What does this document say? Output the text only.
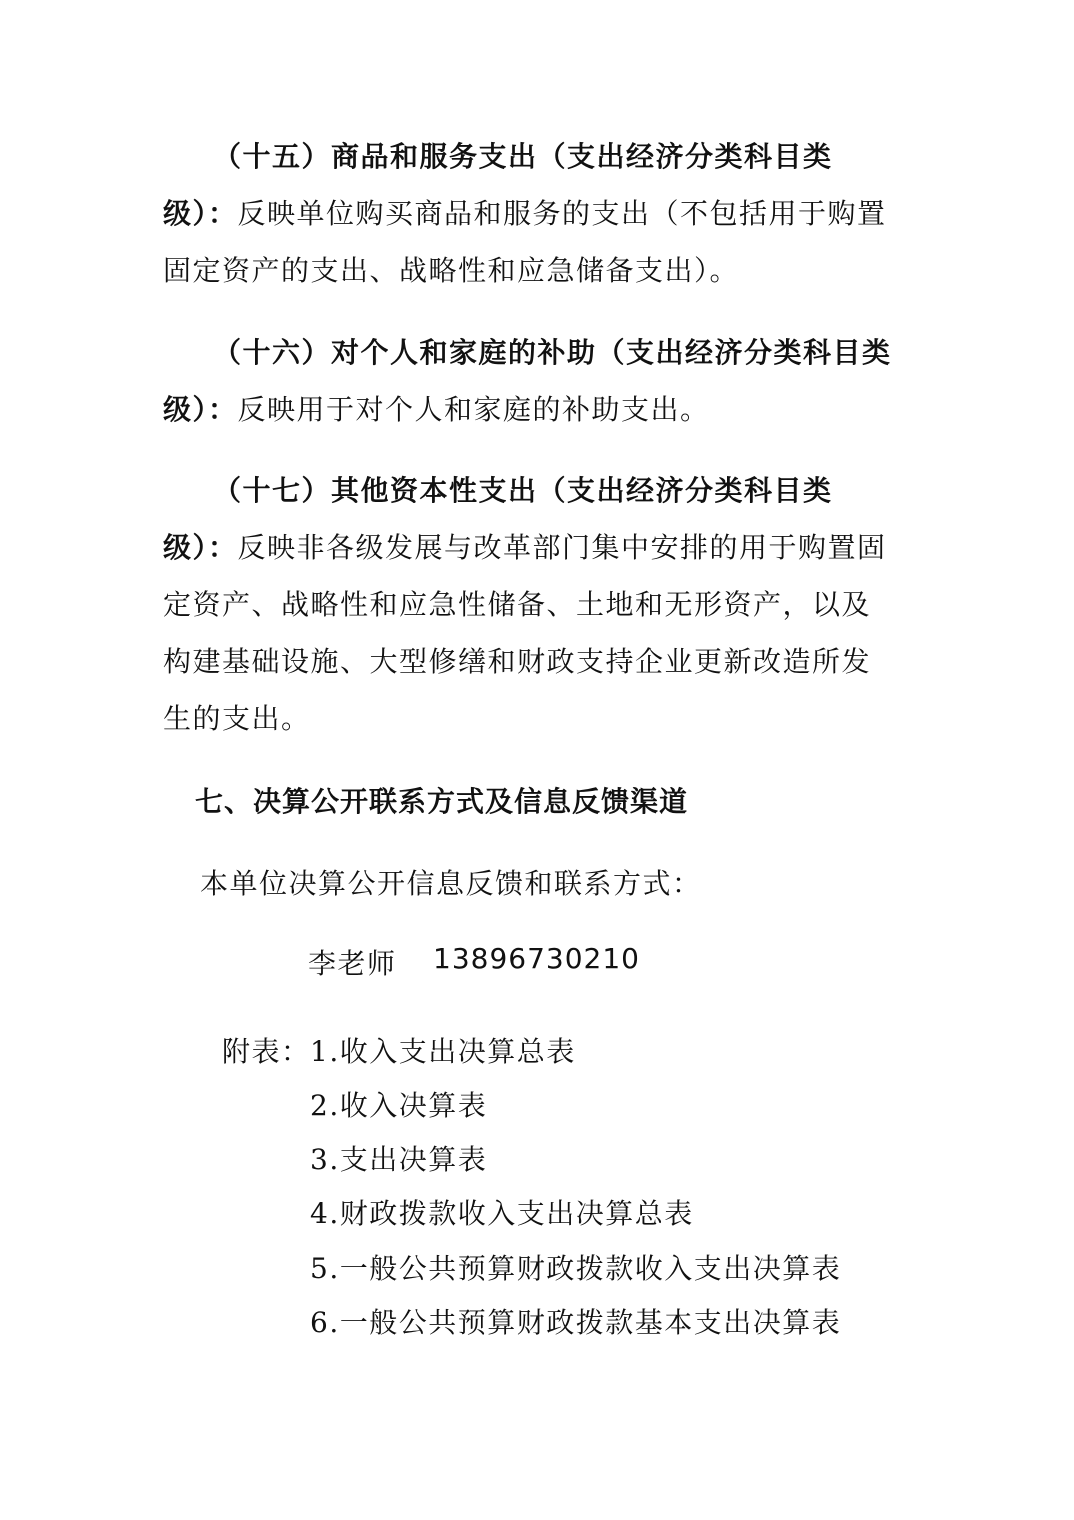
（十五）商品和服务支出（支出经济分类科目类级）：反映单位购买商品和服务的支出（不包括用于购置固定资产的支出、战略性和应急储备支出）。

（十六）对个人和家庭的补助（支出经济分类科目类级）：反映用于对个人和家庭的补助支出。

（十七）其他资本性支出（支出经济分类科目类级）：反映非各级发展与改革部门集中安排的用于购置固定资产、战略性和应急性储备、土地和无形资产，以及构建基础设施、大型修缮和财政支持企业更新改造所发生的支出。

七、决算公开联系方式及信息反馈渠道

本单位决算公开信息反馈和联系方式：

李老师 13896730210

附表： 1.收入支出决算总表

2.收入决算表

3.支出决算表

4.财政拨款收入支出决算总表

5.一般公共预算财政拨款收入支出决算表

6.一般公共预算财政拨款基本支出决算表
